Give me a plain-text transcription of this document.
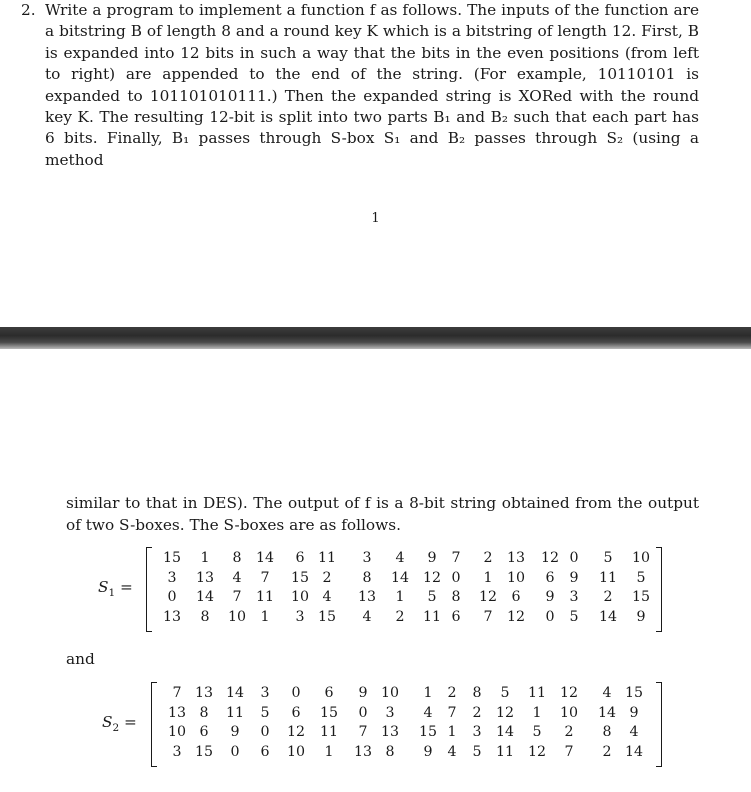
2. Write a program to implement a function f as follows. The inputs of the function are a bitstring B of length 8 and a round key K which is a bitstring of length 12. First, B is expanded into 12 bits in such a way that the bits in the even positions (from left to right) are appended to the end of the string. (For example, 10110101 is expanded to 101101010111.) Then the expanded string is XORed with the round key K. The resulting 12-bit is split into two parts B₁ and B₂ such that each part has 6 bits. Finally, B₁ passes through S-box S₁ and B₂ passes through S₂ (using a method
1
similar to that in DES). The output of f is a 8-bit string obtained from the output of two S-boxes. The S-boxes are as follows.
and
$S_1$ =
15	1	8	14	6 11	3	4	9	7	2	13 12 0	5	10
3	13	4	7	15 2	8	14 12 0	1	10	6	9	11	5
0	14	7	11 10 4	13	1	5	8	12	6	9	3	2	15
13	8	10	1	3 15	4	2	11 6	7	12	0	5	14	9
$S_2$ =
7 13 14	3	0	6	9 10	1	2	8	5	11 12	4 15
13 8	11	5	6	15	0	3	4	7	2	12	1	10 14 9
10 6	9	0	12 11	7 13 15 1	3	14	5	2	8	4
3 15	0	6	10	1	13 8	9	4	5	11 12	7	2 14
